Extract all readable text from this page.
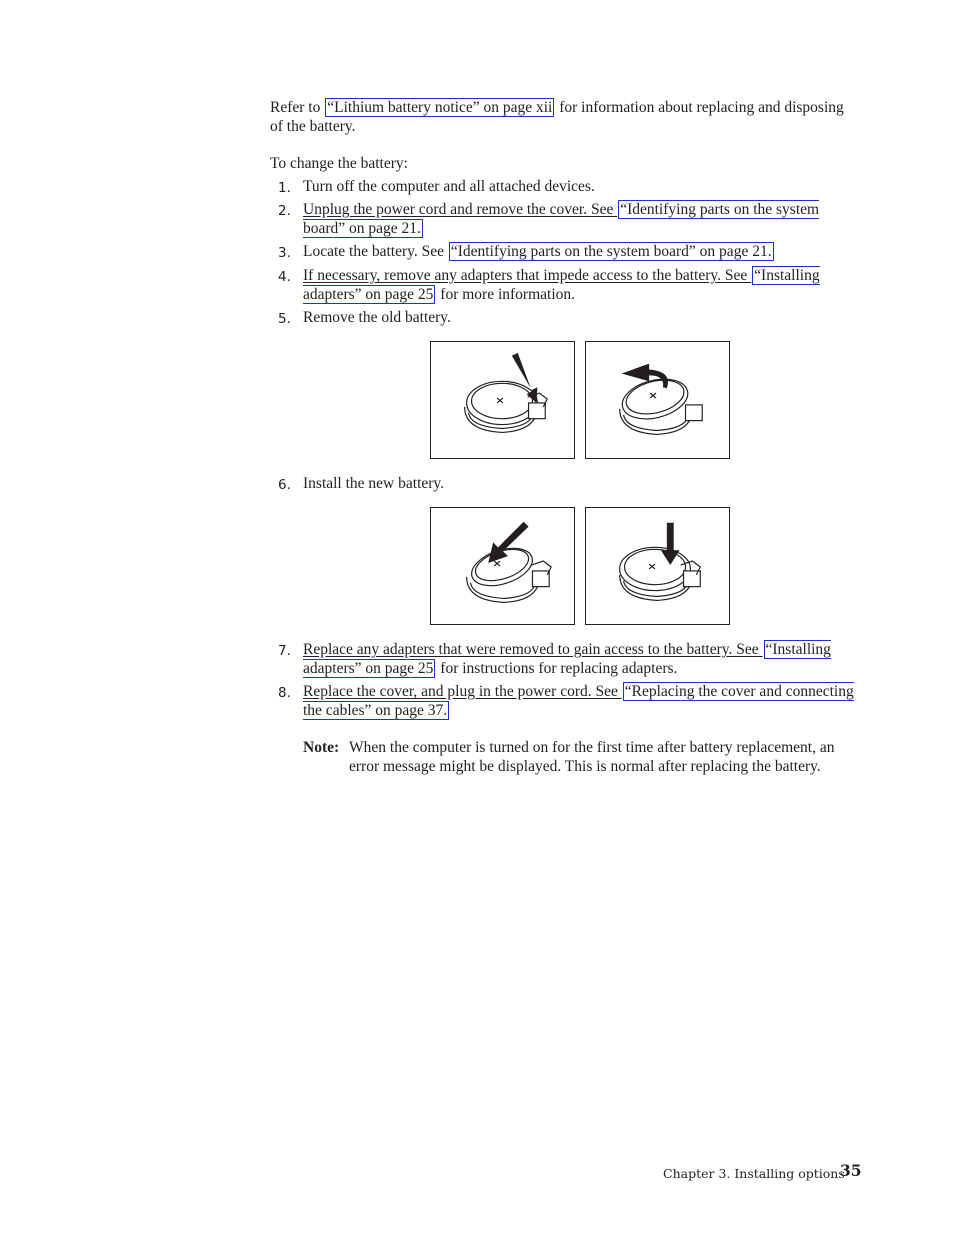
Refer to “Lithium battery notice” on page xii for information about replacing and disposing of the battery.
To change the battery:
1. Turn off the computer and all attached devices.
2. Unplug the power cord and remove the cover. See “Identifying parts on the system board” on page 21.
3. Locate the battery. See “Identifying parts on the system board” on page 21.
4. If necessary, remove any adapters that impede access to the battery. See “Installing adapters” on page 25 for more information.
5. Remove the old battery.
6. Install the new battery.
7. Replace any adapters that were removed to gain access to the battery. See “Installing adapters” on page 25 for instructions for replacing adapters.
8. Replace the cover, and plug in the power cord. See “Replacing the cover and connecting the cables” on page 37.
Note: When the computer is turned on for the first time after battery replacement, an error message might be displayed. This is normal after replacing the battery.
Chapter 3. Installing options
35
